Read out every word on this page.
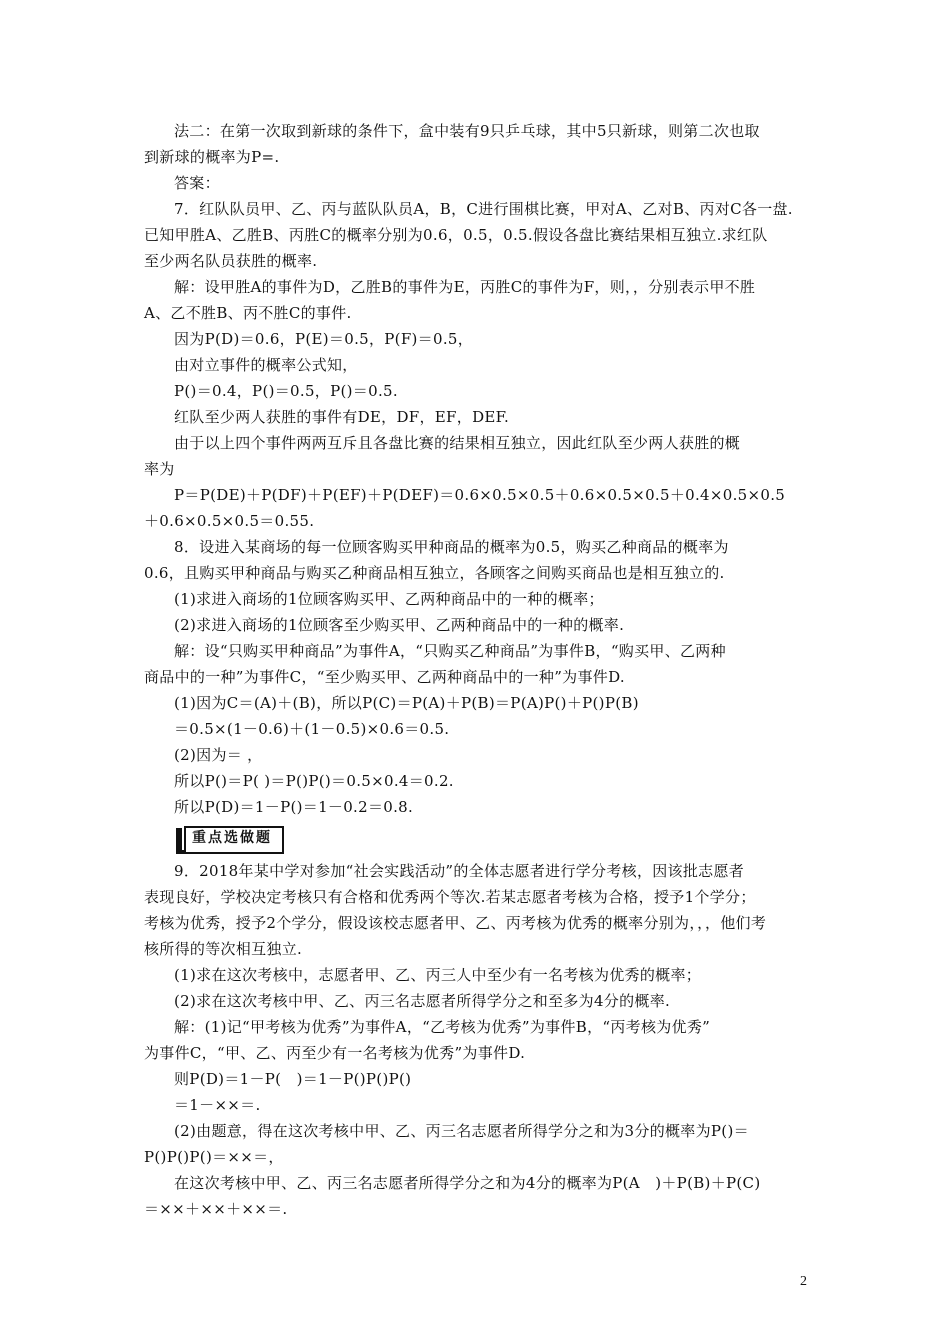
法二：在第一次取到新球的条件下，盒中装有9只乒乓球，其中5只新球，则第二次也取
到新球的概率为P=.
答案：
7．红队队员甲、乙、丙与蓝队队员A，B，C进行围棋比赛，甲对A、乙对B、丙对C各一盘.
已知甲胜A、乙胜B、丙胜C的概率分别为0.6，0.5，0.5.假设各盘比赛结果相互独立.求红队
至少两名队员获胜的概率.
解：设甲胜A的事件为D，乙胜B的事件为E，丙胜C的事件为F，则，，分别表示甲不胜
A、乙不胜B、丙不胜C的事件.
因为P(D)＝0.6，P(E)＝0.5，P(F)＝0.5，
由对立事件的概率公式知，
P()＝0.4，P()＝0.5，P()＝0.5.
红队至少两人获胜的事件有DE，DF，EF，DEF.
由于以上四个事件两两互斥且各盘比赛的结果相互独立，因此红队至少两人获胜的概
率为
P＝P(DE)＋P(DF)＋P(EF)＋P(DEF)＝0.6×0.5×0.5＋0.6×0.5×0.5＋0.4×0.5×0.5
＋0.6×0.5×0.5＝0.55.
8．设进入某商场的每一位顾客购买甲种商品的概率为0.5，购买乙种商品的概率为
0.6，且购买甲种商品与购买乙种商品相互独立，各顾客之间购买商品也是相互独立的.
(1)求进入商场的1位顾客购买甲、乙两种商品中的一种的概率；
(2)求进入商场的1位顾客至少购买甲、乙两种商品中的一种的概率.
解：设“只购买甲种商品”为事件A，“只购买乙种商品”为事件B，“购买甲、乙两种
商品中的一种”为事件C，“至少购买甲、乙两种商品中的一种”为事件D.
(1)因为C＝(A)＋(B)，所以P(C)＝P(A)＋P(B)＝P(A)P()＋P()P(B)
＝0.5×(1－0.6)＋(1－0.5)×0.6＝0.5.
(2)因为＝ ，
所以P()＝P( )＝P()P()＝0.5×0.4＝0.2.
所以P(D)＝1－P()＝1－0.2＝0.8.
重点选做题
9．2018年某中学对参加“社会实践活动”的全体志愿者进行学分考核，因该批志愿者
表现良好，学校决定考核只有合格和优秀两个等次.若某志愿者考核为合格，授予1个学分；
考核为优秀，授予2个学分，假设该校志愿者甲、乙、丙考核为优秀的概率分别为，，，他们考
核所得的等次相互独立.
(1)求在这次考核中，志愿者甲、乙、丙三人中至少有一名考核为优秀的概率；
(2)求在这次考核中甲、乙、丙三名志愿者所得学分之和至多为4分的概率.
解：(1)记“甲考核为优秀”为事件A，“乙考核为优秀”为事件B，“丙考核为优秀”
为事件C，“甲、乙、丙至少有一名考核为优秀”为事件D.
则P(D)＝1－P(　)＝1－P()P()P()
＝1－××＝.
(2)由题意，得在这次考核中甲、乙、丙三名志愿者所得学分之和为3分的概率为P()＝
P()P()P()＝××＝，
在这次考核中甲、乙、丙三名志愿者所得学分之和为4分的概率为P(A　)＋P(B)＋P(C)
＝××＋××＋××＝.
2
